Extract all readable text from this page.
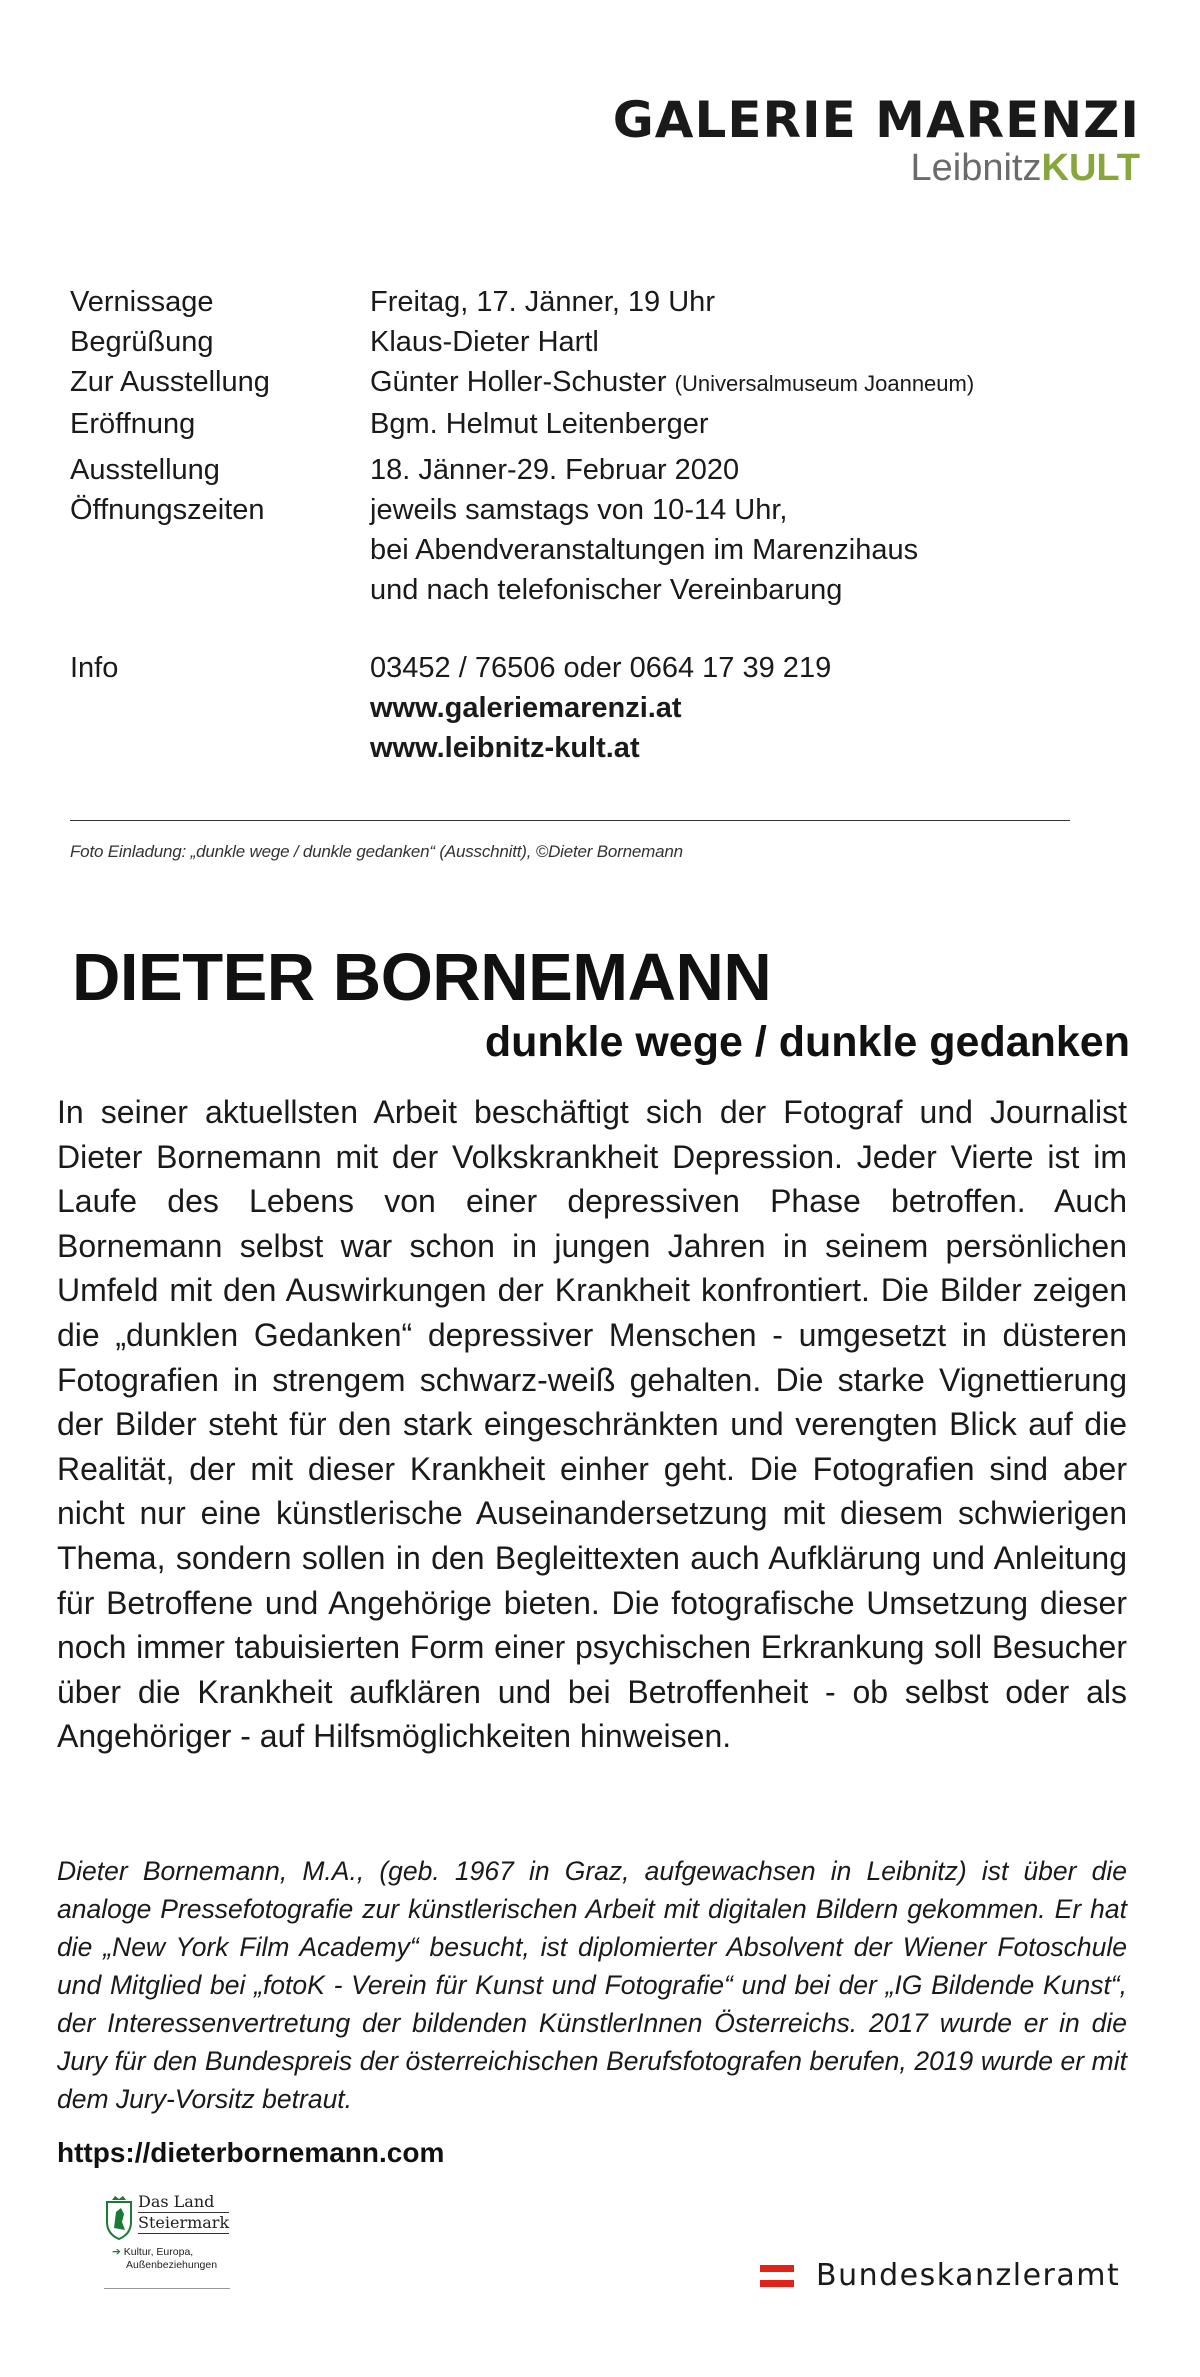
GALERIE MARENZI
LeibnitzKULT
Vernissage	Freitag, 17. Jänner, 19 Uhr
Begrüßung	Klaus-Dieter Hartl
Zur Ausstellung	Günter Holler-Schuster (Universalmuseum Joanneum)
Eröffnung	Bgm. Helmut Leitenberger
Ausstellung	18. Jänner-29. Februar 2020
Öffnungszeiten	jeweils samstags von 10-14 Uhr,
bei Abendveranstaltungen im Marenzihaus
und nach telefonischer Vereinbarung
Info	03452 / 76506 oder 0664 17 39 219
www.galeriemarenzi.at
www.leibnitz-kult.at
Foto Einladung: „dunkle wege / dunkle gedanken“ (Ausschnitt), ©Dieter Bornemann
DIETER BORNEMANN
dunkle wege / dunkle gedanken
In seiner aktuellsten Arbeit beschäftigt sich der Fotograf und Journalist Dieter Bornemann mit der Volkskrankheit Depression. Jeder Vierte ist im Laufe des Lebens von einer depressiven Phase betroffen. Auch Bornemann selbst war schon in jungen Jahren in seinem persönlichen Umfeld mit den Auswirkungen der Krankheit konfrontiert. Die Bilder zeigen die „dunklen Gedanken“ depressiver Menschen - umgesetzt in düsteren Fotografien in strengem schwarz-weiß gehalten. Die starke Vignettierung der Bilder steht für den stark eingeschränkten und verengten Blick auf die Realität, der mit dieser Krankheit einher geht. Die Fotografien sind aber nicht nur eine künstlerische Auseinandersetzung mit diesem schwierigen Thema, sondern sollen in den Begleittexten auch Aufklärung und Anleitung für Betroffene und Angehörige bieten. Die fotografische Umsetzung dieser noch immer tabuisierten Form einer psychischen Erkrankung soll Besucher über die Krankheit aufklären und bei Betroffenheit - ob selbst oder als Angehöriger - auf Hilfsmöglichkeiten hinweisen.
Dieter Bornemann, M.A., (geb. 1967 in Graz, aufgewachsen in Leibnitz) ist über die analoge Pressefotografie zur künstlerischen Arbeit mit digitalen Bildern gekommen. Er hat die „New York Film Academy“ besucht, ist diplomierter Absolvent der Wiener Fotoschule und Mitglied bei „fotoK - Verein für Kunst und Fotografie“ und bei der „IG Bildende Kunst“, der Interessenvertretung der bildenden KünstlerInnen Österreichs. 2017 wurde er in die Jury für den Bundespreis der österreichischen Berufsfotografen berufen, 2019 wurde er mit dem Jury-Vorsitz betraut.
https://dieterbornemann.com
Das Land
Steiermark
➔ Kultur, Europa,
Außenbeziehungen	Bundeskanzleramt
